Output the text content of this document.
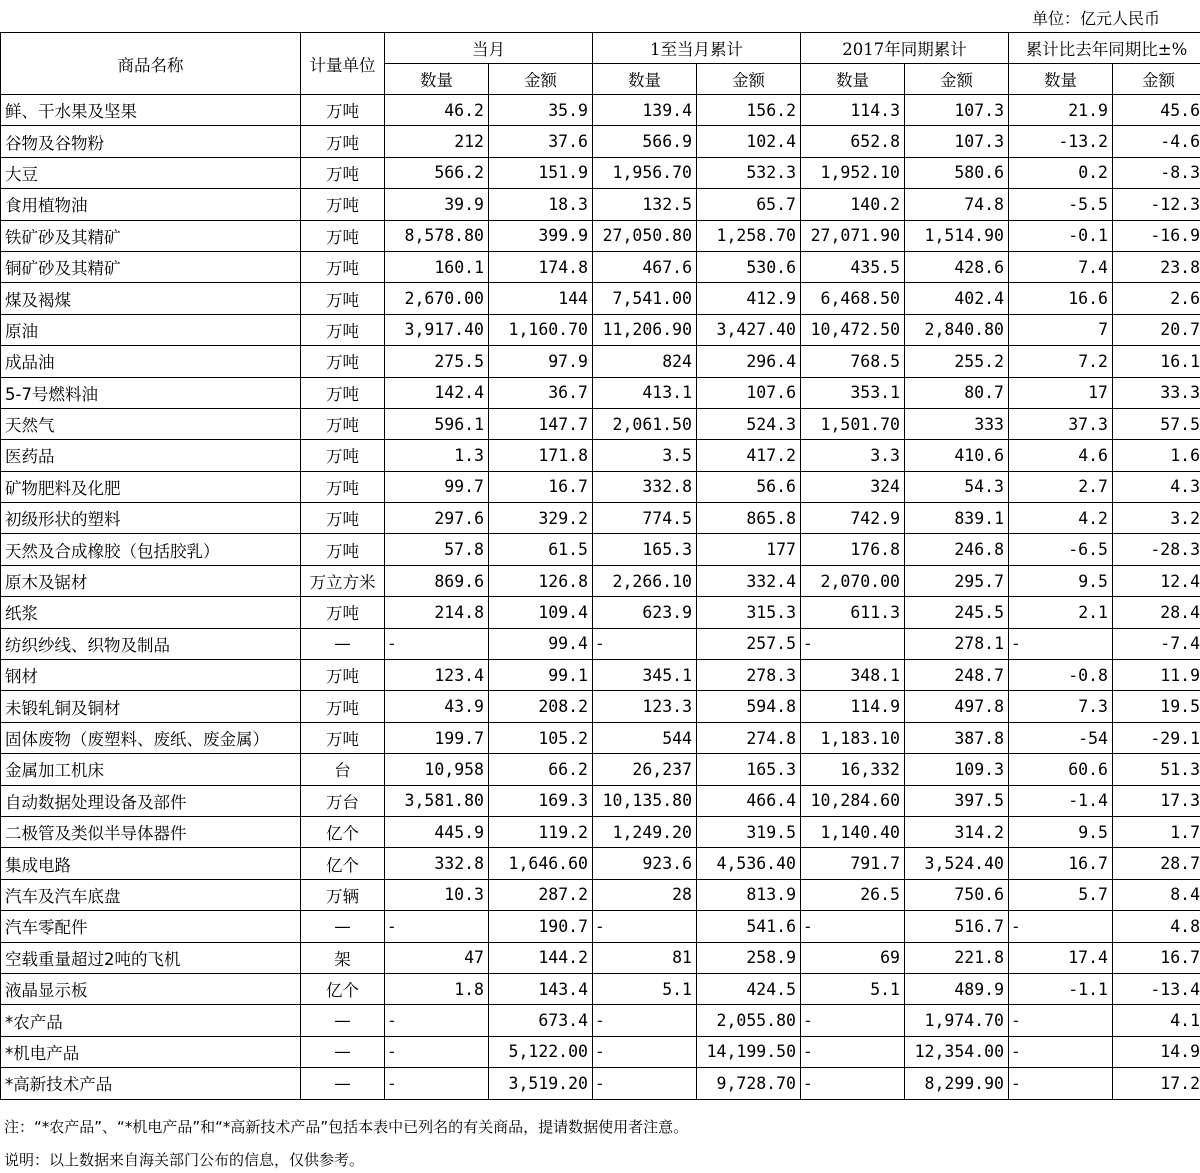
单位：亿元人民币
商品名称	计量单位	当月		1至当月累计		2017年同期累计		累计比去年同期比±%	
		数量	金额	数量	金额	数量	金额	数量	金额
鲜、干水果及坚果	万吨	46.2	35.9	139.4	156.2	114.3	107.3	21.9	45.6
谷物及谷物粉	万吨	212	37.6	566.9	102.4	652.8	107.3	-13.2	-4.6
大豆	万吨	566.2	151.9	1,956.70	532.3	1,952.10	580.6	0.2	-8.3
食用植物油	万吨	39.9	18.3	132.5	65.7	140.2	74.8	-5.5	-12.3
铁矿砂及其精矿	万吨	8,578.80	399.9	27,050.80	1,258.70	27,071.90	1,514.90	-0.1	-16.9
铜矿砂及其精矿	万吨	160.1	174.8	467.6	530.6	435.5	428.6	7.4	23.8
煤及褐煤	万吨	2,670.00	144	7,541.00	412.9	6,468.50	402.4	16.6	2.6
原油	万吨	3,917.40	1,160.70	11,206.90	3,427.40	10,472.50	2,840.80	7	20.7
成品油	万吨	275.5	97.9	824	296.4	768.5	255.2	7.2	16.1
5-7号燃料油	万吨	142.4	36.7	413.1	107.6	353.1	80.7	17	33.3
天然气	万吨	596.1	147.7	2,061.50	524.3	1,501.70	333	37.3	57.5
医药品	万吨	1.3	171.8	3.5	417.2	3.3	410.6	4.6	1.6
矿物肥料及化肥	万吨	99.7	16.7	332.8	56.6	324	54.3	2.7	4.3
初级形状的塑料	万吨	297.6	329.2	774.5	865.8	742.9	839.1	4.2	3.2
天然及合成橡胶（包括胶乳）	万吨	57.8	61.5	165.3	177	176.8	246.8	-6.5	-28.3
原木及锯材	万立方米	869.6	126.8	2,266.10	332.4	2,070.00	295.7	9.5	12.4
纸浆	万吨	214.8	109.4	623.9	315.3	611.3	245.5	2.1	28.4
纺织纱线、织物及制品	—	-	99.4	-	257.5	-	278.1	-	-7.4
钢材	万吨	123.4	99.1	345.1	278.3	348.1	248.7	-0.8	11.9
未锻轧铜及铜材	万吨	43.9	208.2	123.3	594.8	114.9	497.8	7.3	19.5
固体废物（废塑料、废纸、废金属）	万吨	199.7	105.2	544	274.8	1,183.10	387.8	-54	-29.1
金属加工机床	台	10,958	66.2	26,237	165.3	16,332	109.3	60.6	51.3
自动数据处理设备及部件	万台	3,581.80	169.3	10,135.80	466.4	10,284.60	397.5	-1.4	17.3
二极管及类似半导体器件	亿个	445.9	119.2	1,249.20	319.5	1,140.40	314.2	9.5	1.7
集成电路	亿个	332.8	1,646.60	923.6	4,536.40	791.7	3,524.40	16.7	28.7
汽车及汽车底盘	万辆	10.3	287.2	28	813.9	26.5	750.6	5.7	8.4
汽车零配件	—	-	190.7	-	541.6	-	516.7	-	4.8
空载重量超过2吨的飞机	架	47	144.2	81	258.9	69	221.8	17.4	16.7
液晶显示板	亿个	1.8	143.4	5.1	424.5	5.1	489.9	-1.1	-13.4
*农产品	—	-	673.4	-	2,055.80	-	1,974.70	-	4.1
*机电产品	—	-	5,122.00	-	14,199.50	-	12,354.00	-	14.9
*高新技术产品	—	-	3,519.20	-	9,728.70	-	8,299.90	-	17.2
注：“*农产品”、“*机电产品”和“*高新技术产品”包括本表中已列名的有关商品，提请数据使用者注意。
说明：以上数据来自海关部门公布的信息，仅供参考。
